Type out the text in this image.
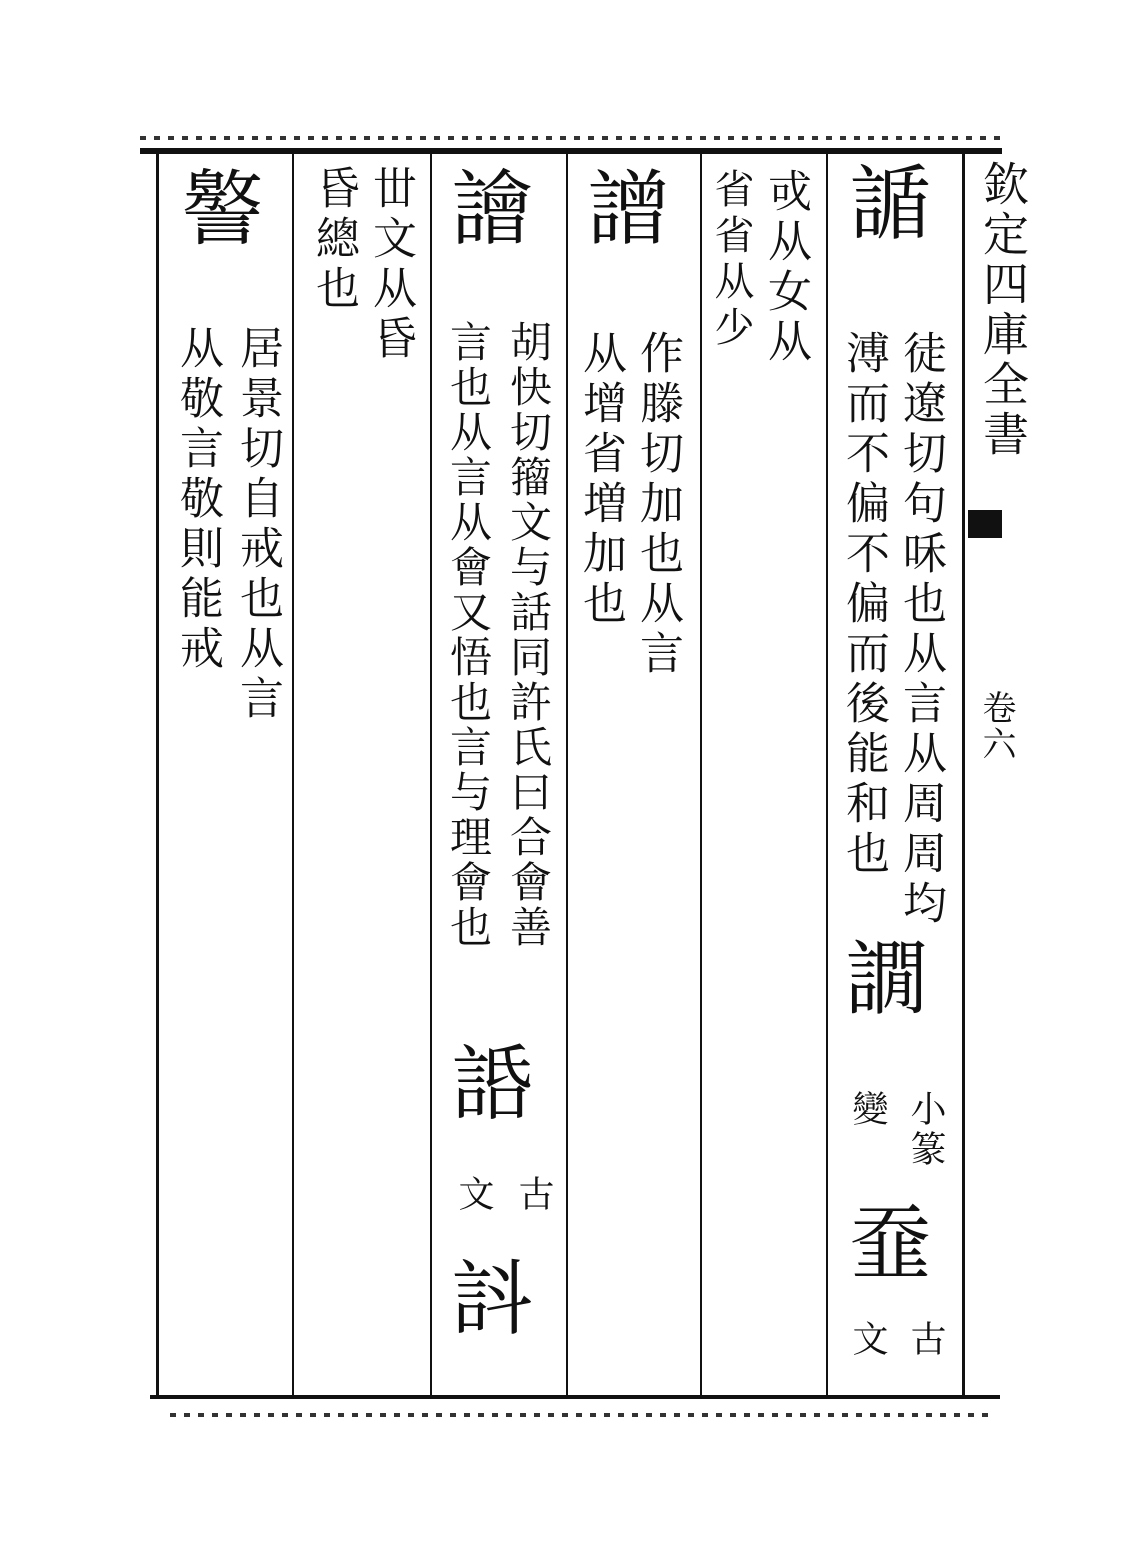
欽定四庫全書
卷六
䛻
徒遼切句咊也从言从周周均
溥而不偏不偏而後能和也
譋
小篆
變
䪞
古
文
戓从女从
省省从少
譄
作滕切加也从言
从增省増加也
譮
胡快切籀文与話同許氏曰合會善
言也从言从會又悟也言与理會也
䛡
古
文
䚵
丗文从昏
昏總也
譥
居景切自戒也从言
从敬言敬則能戒
